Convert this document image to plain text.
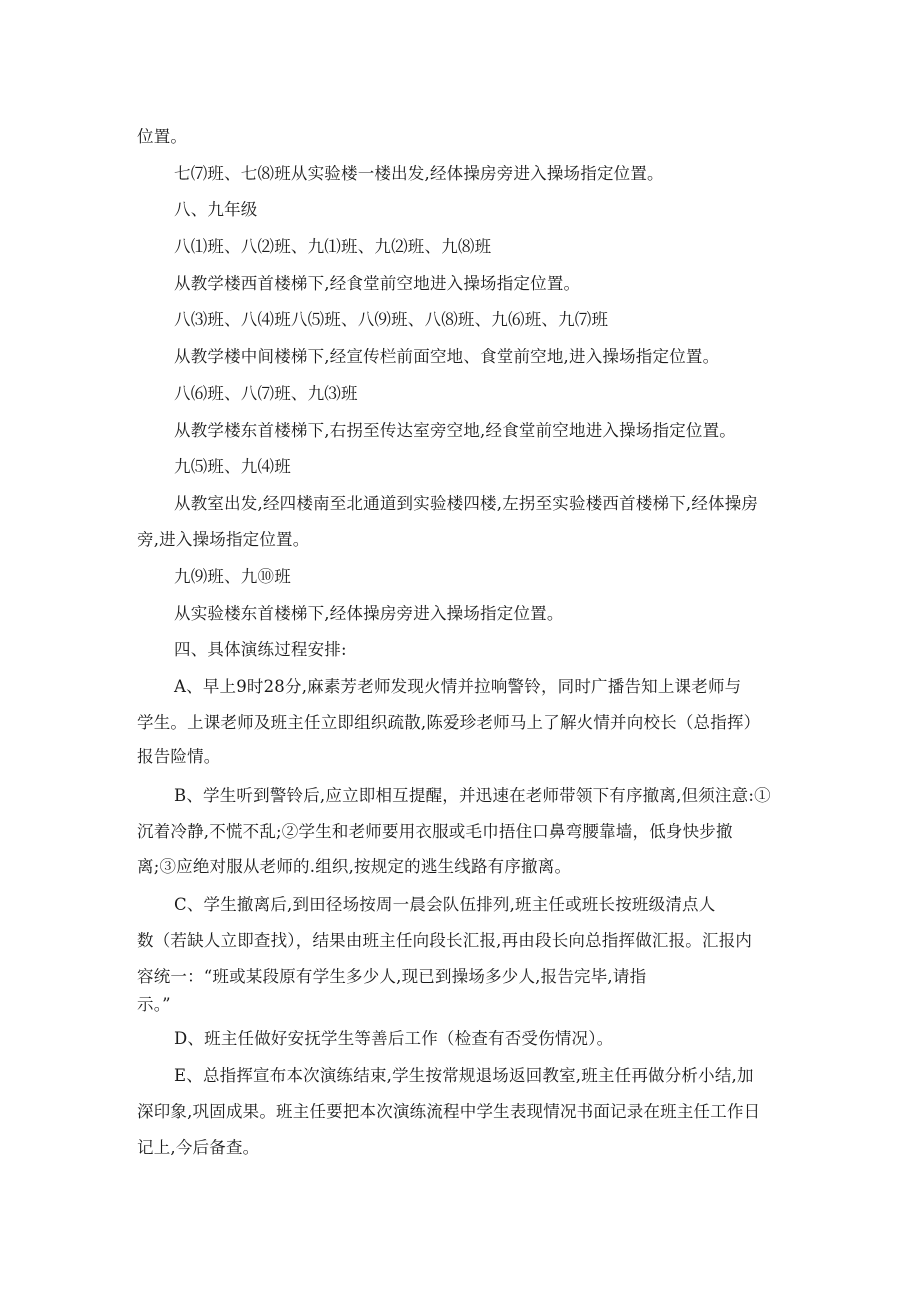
位置。
七⑺班、七⑻班从实验楼一楼出发,经体操房旁进入操场指定位置。
八、九年级
八⑴班、八⑵班、九⑴班、九⑵班、九⑻班
从教学楼西首楼梯下,经食堂前空地进入操场指定位置。
八⑶班、八⑷班八⑸班、八⑼班、八⑻班、九⑹班、九⑺班
从教学楼中间楼梯下,经宣传栏前面空地、食堂前空地,进入操场指定位置。
八⑹班、八⑺班、九⑶班
从教学楼东首楼梯下,右拐至传达室旁空地,经食堂前空地进入操场指定位置。
九⑸班、九⑷班
从教室出发,经四楼南至北通道到实验楼四楼,左拐至实验楼西首楼梯下,经体操房
旁,进入操场指定位置。
九⑼班、九⑩班
从实验楼东首楼梯下,经体操房旁进入操场指定位置。
四、具体演练过程安排:
A、早上9时28分,麻素芳老师发现火情并拉响警铃，同时广播告知上课老师与
学生。上课老师及班主任立即组织疏散,陈爱珍老师马上了解火情并向校长（总指挥）
报告险情。
B、学生听到警铃后,应立即相互提醒，并迅速在老师带领下有序撤离,但须注意:①
沉着冷静,不慌不乱;②学生和老师要用衣服或毛巾捂住口鼻弯腰靠墙，低身快步撤
离;③应绝对服从老师的.组织,按规定的逃生线路有序撤离。
C、学生撤离后,到田径场按周一晨会队伍排列,班主任或班长按班级清点人
数（若缺人立即查找），结果由班主任向段长汇报,再由段长向总指挥做汇报。汇报内
容统一：“班或某段原有学生多少人,现已到操场多少人,报告完毕,请指
示。”
D、班主任做好安抚学生等善后工作（检查有否受伤情况）。
E、总指挥宣布本次演练结束,学生按常规退场返回教室,班主任再做分析小结,加
深印象,巩固成果。班主任要把本次演练流程中学生表现情况书面记录在班主任工作日
记上,今后备查。
